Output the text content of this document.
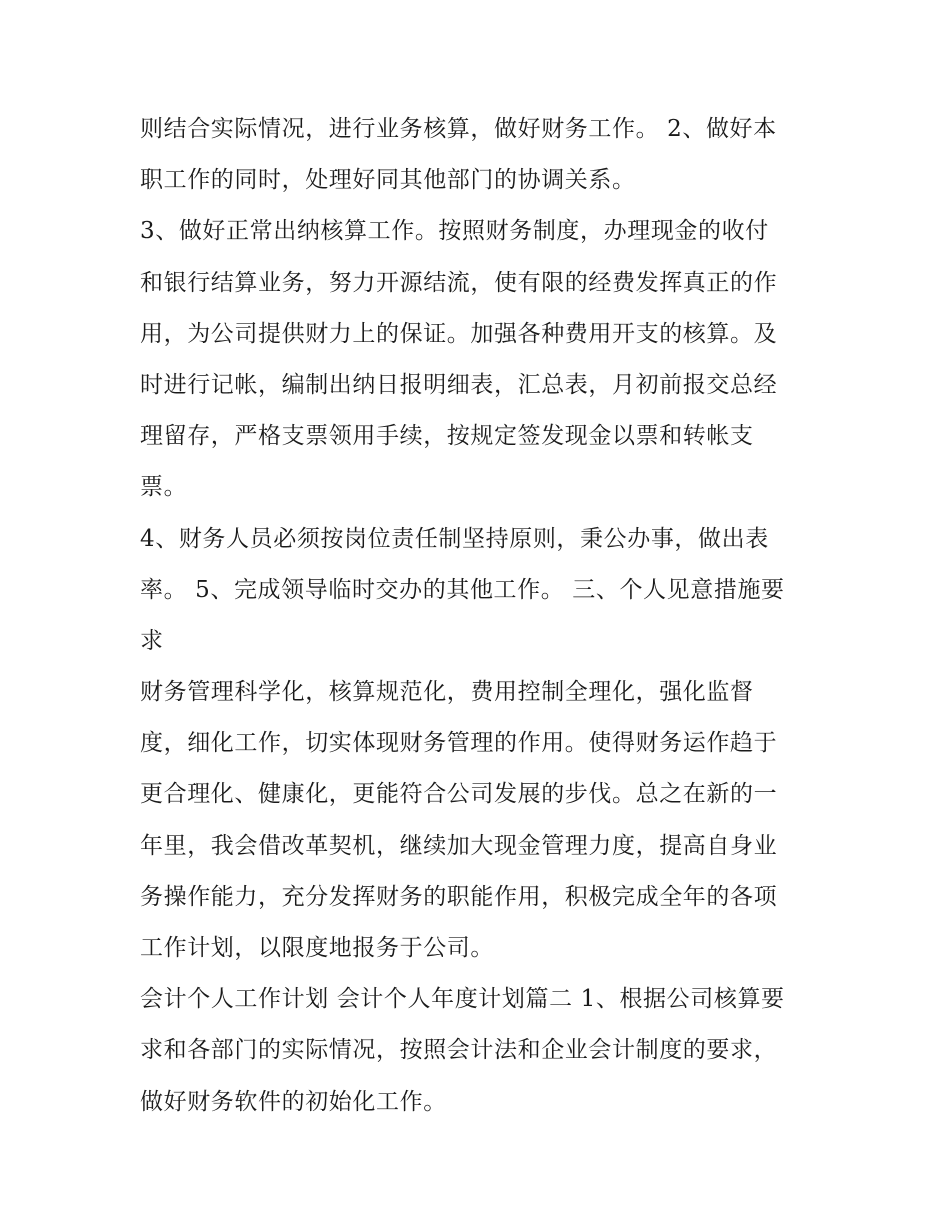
则结合实际情况，进行业务核算，做好财务工作。 2、做好本
职工作的同时，处理好同其他部门的协调关系。
3、做好正常出纳核算工作。按照财务制度，办理现金的收付
和银行结算业务，努力开源结流，使有限的经费发挥真正的作
用，为公司提供财力上的保证。加强各种费用开支的核算。及
时进行记帐，编制出纳日报明细表，汇总表，月初前报交总经
理留存，严格支票领用手续，按规定签发现金以票和转帐支
票。
4、财务人员必须按岗位责任制坚持原则，秉公办事，做出表
率。 5、完成领导临时交办的其他工作。 三、个人见意措施要
求
财务管理科学化，核算规范化，费用控制全理化，强化监督
度，细化工作，切实体现财务管理的作用。使得财务运作趋于
更合理化、健康化，更能符合公司发展的步伐。总之在新的一
年里，我会借改革契机，继续加大现金管理力度，提高自身业
务操作能力，充分发挥财务的职能作用，积极完成全年的各项
工作计划，以限度地报务于公司。
会计个人工作计划 会计个人年度计划篇二 1、根据公司核算要
求和各部门的实际情况，按照会计法和企业会计制度的要求，
做好财务软件的初始化工作。
